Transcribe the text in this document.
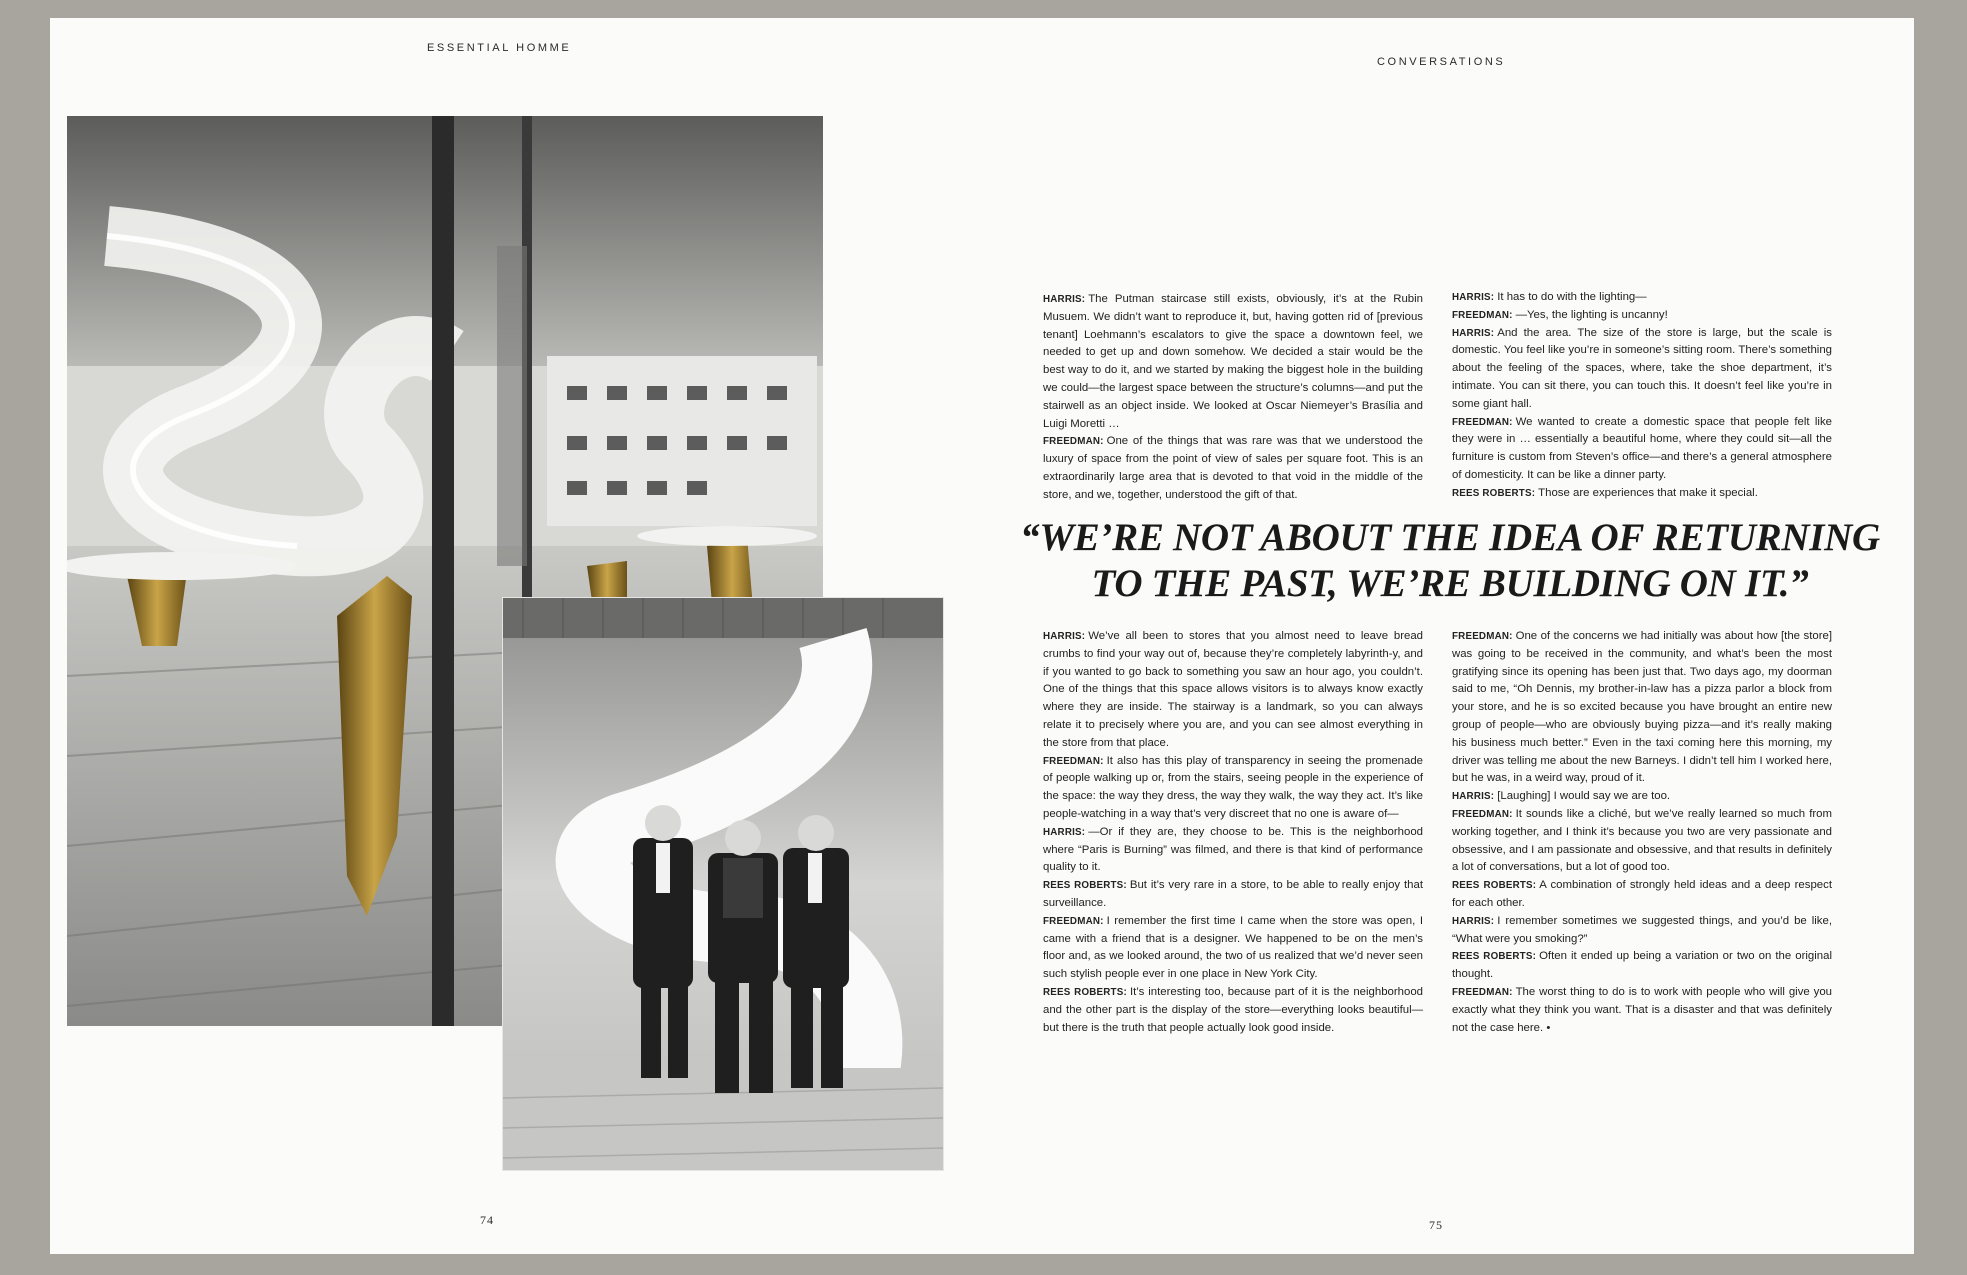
ESSENTIAL HOMME
CONVERSATIONS

HARRIS: The Putman staircase still exists, obviously, it’s at the Rubin Musuem. We didn’t want to reproduce it, but, having gotten rid of [previous tenant] Loehmann’s escalators to give the space a downtown feel, we needed to get up and down somehow. We decided a stair would be the best way to do it, and we started by making the biggest hole in the building we could—the largest space between the structure’s columns—and put the stairwell as an object inside. We looked at Oscar Niemeyer’s Brasília and Luigi Moretti …

FREEDMAN: One of the things that was rare was that we understood the luxury of space from the point of view of sales per square foot. This is an extraordinarily large area that is devoted to that void in the middle of the store, and we, together, understood the gift of that.

HARRIS: It has to do with the lighting—

FREEDMAN: —Yes, the lighting is uncanny!

HARRIS: And the area. The size of the store is large, but the scale is domestic. You feel like you’re in someone’s sitting room. There’s something about the feeling of the spaces, where, take the shoe department, it’s intimate. You can sit there, you can touch this. It doesn’t feel like you’re in some giant hall.

FREEDMAN: We wanted to create a domestic space that people felt like they were in … essentially a beautiful home, where they could sit—all the furniture is custom from Steven’s office—and there’s a general atmosphere of domesticity. It can be like a dinner party.

REES ROBERTS: Those are experiences that make it special.

“WE’RE NOT ABOUT THE IDEA OF RETURNING
TO THE PAST, WE’RE BUILDING ON IT.”

HARRIS: We’ve all been to stores that you almost need to leave bread crumbs to find your way out of, because they’re completely labyrinth-y, and if you wanted to go back to something you saw an hour ago, you couldn’t. One of the things that this space allows visitors is to always know exactly where they are inside. The stairway is a landmark, so you can always relate it to precisely where you are, and you can see almost everything in the store from that place.

FREEDMAN: It also has this play of transparency in seeing the promenade of people walking up or, from the stairs, seeing people in the experience of the space: the way they dress, the way they walk, the way they act. It’s like people-watching in a way that’s very discreet that no one is aware of—

HARRIS: —Or if they are, they choose to be. This is the neighborhood where “Paris is Burning” was filmed, and there is that kind of performance quality to it.

REES ROBERTS: But it’s very rare in a store, to be able to really enjoy that surveillance.

FREEDMAN: I remember the first time I came when the store was open, I came with a friend that is a designer. We happened to be on the men’s floor and, as we looked around, the two of us realized that we’d never seen such stylish people ever in one place in New York City.

REES ROBERTS: It’s interesting too, because part of it is the neighborhood and the other part is the display of the store—everything looks beautiful—but there is the truth that people actually look good inside.

FREEDMAN: One of the concerns we had initially was about how [the store] was going to be received in the community, and what’s been the most gratifying since its opening has been just that. Two days ago, my doorman said to me, “Oh Dennis, my brother-in-law has a pizza parlor a block from your store, and he is so excited because you have brought an entire new group of people—who are obviously buying pizza—and it’s really making his business much better.” Even in the taxi coming here this morning, my driver was telling me about the new Barneys. I didn’t tell him I worked here, but he was, in a weird way, proud of it.

HARRIS: [Laughing] I would say we are too.

FREEDMAN: It sounds like a cliché, but we’ve really learned so much from working together, and I think it’s because you two are very passionate and obsessive, and I am passionate and obsessive, and that results in definitely a lot of conversations, but a lot of good too.

REES ROBERTS: A combination of strongly held ideas and a deep respect for each other.

HARRIS: I remember sometimes we suggested things, and you’d be like, “What were you smoking?”

REES ROBERTS: Often it ended up being a variation or two on the original thought.

FREEDMAN: The worst thing to do is to work with people who will give you exactly what they think you want. That is a disaster and that was definitely not the case here. •

74	75
